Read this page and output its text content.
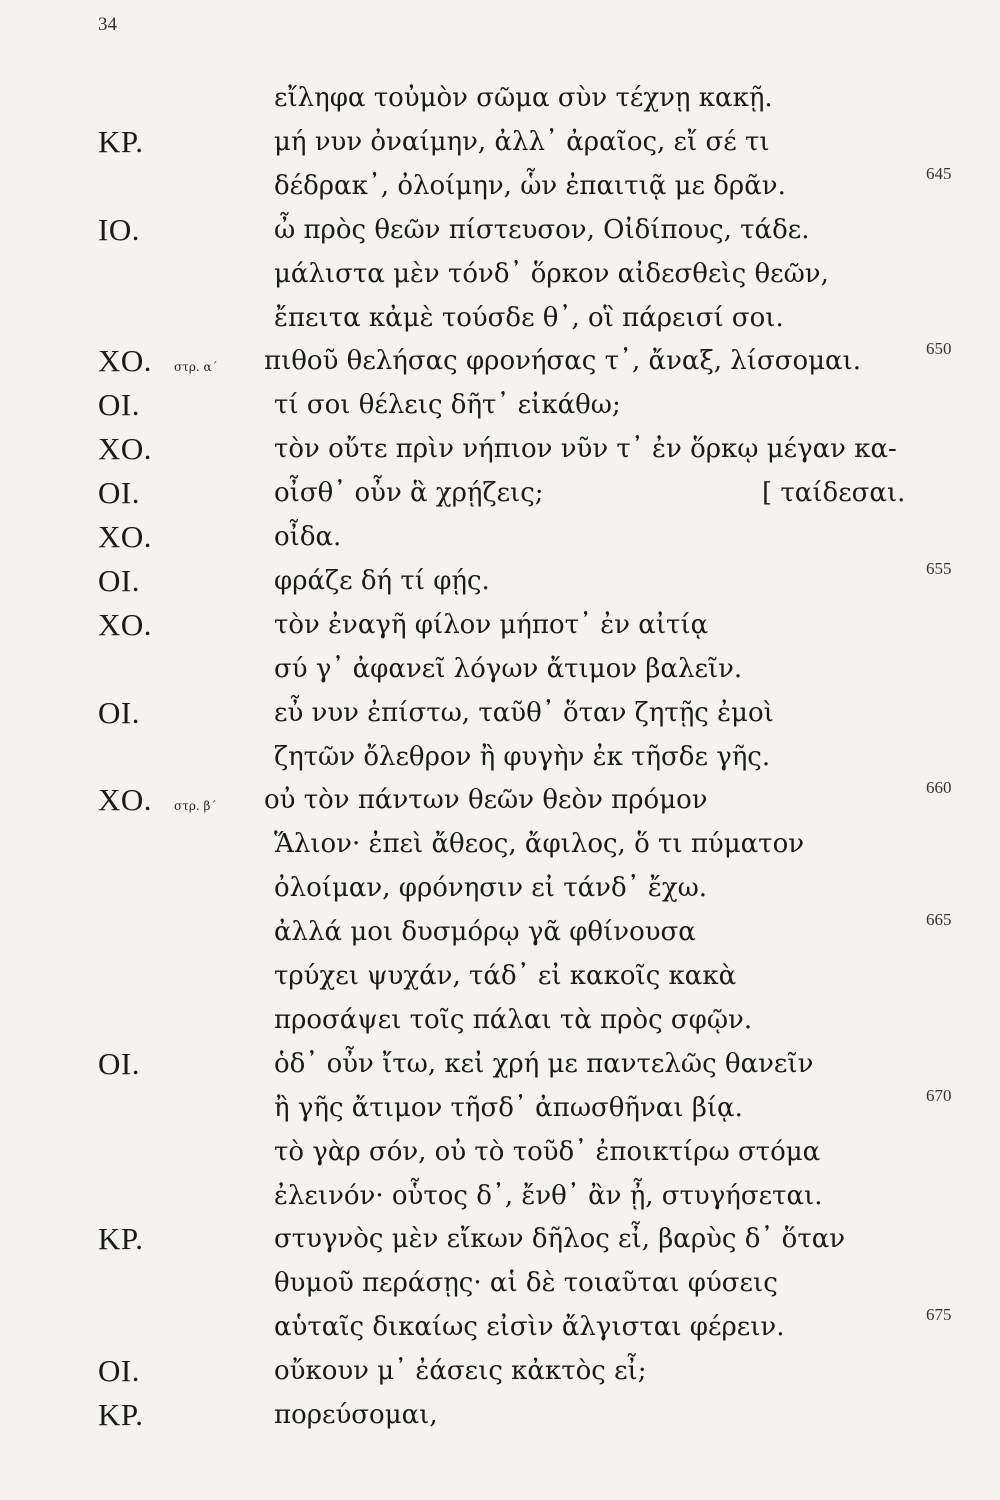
34
εἴληφα τοὐμὸν σῶμα σὺν τέχνῃ κακῇ.
ΚΡ.	μή νυν ὀναίμην, ἀλλ᾽ ἀραῖος, εἴ σέ τι
δέδρακ᾽, ὀλοίμην, ὧν ἐπαιτιᾷ με δρᾶν.	645
ΙΟ.	ὦ πρὸς θεῶν πίστευσον, Οἰδίπους, τάδε.
μάλιστα μὲν τόνδ᾽ ὅρκον αἰδεσθεὶς θεῶν,
ἔπειτα κἀμὲ τούσδε θ᾽, οἳ πάρεισί σοι.
ΧΟ. στρ. α΄ πιθοῦ θελήσας φρονήσας τ᾽, ἄναξ, λίσσομαι.	650
ΟΙ.	τί σοι θέλεις δῆτ᾽ εἰκάθω;
ΧΟ.	τὸν οὔτε πρὶν νήπιον νῦν τ᾽ ἐν ὅρκῳ μέγαν κα-
ΟΙ.	οἶσθ᾽ οὖν ἃ χρῄζεις;	[ ταίδεσαι.
ΧΟ.	οἶδα.
ΟΙ.	φράζε δή τί φῄς.	655
ΧΟ.	τὸν ἐναγῆ φίλον μήποτ᾽ ἐν αἰτίᾳ
σύ γ᾽ ἀφανεῖ λόγων ἄτιμον βαλεῖν.
ΟΙ.	εὖ νυν ἐπίστω, ταῦθ᾽ ὅταν ζητῇς ἐμοὶ
ζητῶν ὄλεθρον ἢ φυγὴν ἐκ τῆσδε γῆς.
ΧΟ. στρ. β΄ οὐ τὸν πάντων θεῶν θεὸν πρόμον	660
Ἅλιον· ἐπεὶ ἄθεος, ἄφιλος, ὅ τι πύματον
ὀλοίμαν, φρόνησιν εἰ τάνδ᾽ ἔχω.
ἀλλά μοι δυσμόρῳ γᾶ φθίνουσα	665
τρύχει ψυχάν, τάδ᾽ εἰ κακοῖς κακὰ
προσάψει τοῖς πάλαι τὰ πρὸς σφῷν.
ΟΙ.	ὁδ᾽ οὖν ἴτω, κεἰ χρή με παντελῶς θανεῖν
ἢ γῆς ἄτιμον τῆσδ᾽ ἀπωσθῆναι βίᾳ.	670
τὸ γὰρ σόν, οὐ τὸ τοῦδ᾽ ἐποικτίρω στόμα
ἐλεινόν· οὗτος δ᾽, ἔνθ᾽ ἂν ᾖ, στυγήσεται.
ΚΡ.	στυγνὸς μὲν εἴκων δῆλος εἶ, βαρὺς δ᾽ ὅταν
θυμοῦ περάσῃς· αἱ δὲ τοιαῦται φύσεις
αὑταῖς δικαίως εἰσὶν ἄλγισται φέρειν.	675
ΟΙ.	οὔκουν μ᾽ ἐάσεις κἀκτὸς εἶ;
ΚΡ.	πορεύσομαι,
